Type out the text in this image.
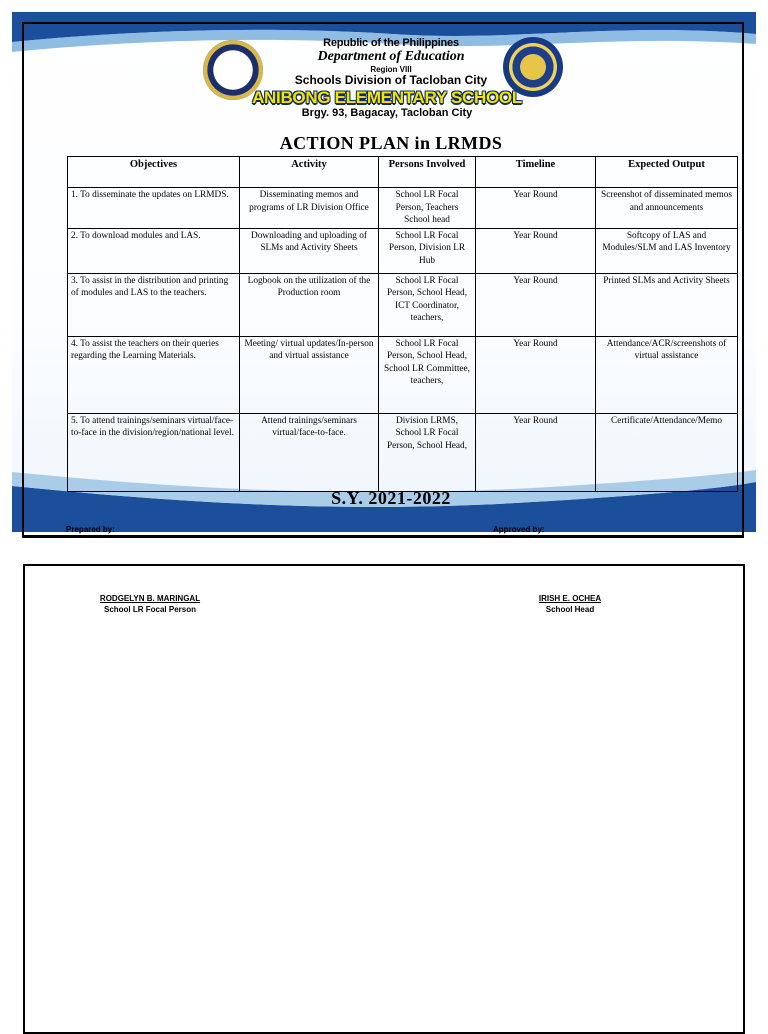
Republic of the Philippines
Department of Education
Region VIII
Schools Division of Tacloban City
ANIBONG ELEMENTARY SCHOOL
Brgy. 93, Bagacay, Tacloban City
ACTION PLAN in LRMDS
Objectives	Activity	Persons Involved	Timeline	Expected Output
1. To disseminate the updates on LRMDS.	Disseminating memos and programs of LR Division Office	School LR Focal Person, Teachers School head	Year Round	Screenshot of disseminated memos and announcements
2. To download modules and LAS.	Downloading and uploading of SLMs and Activity Sheets	School LR Focal Person, Division LR Hub	Year Round	Softcopy of LAS and Modules/SLM and LAS Inventory
3. To assist in the distribution and printing of modules and LAS to the teachers.	Logbook on the utilization of the Production room	School LR Focal Person, School Head, ICT Coordinator, teachers,	Year Round	Printed SLMs and Activity Sheets
4. To assist the teachers on their queries regarding the Learning Materials.	Meeting/ virtual updates/In-person and virtual assistance	School LR Focal Person, School Head, School LR Committee, teachers,	Year Round	Attendance/ACR/screenshots of virtual assistance
5. To attend trainings/seminars virtual/face-to-face in the division/region/national level.	Attend trainings/seminars virtual/face-to-face.	Division LRMS, School LR Focal Person, School Head,	Year Round	Certificate/Attendance/Memo
S.Y. 2021-2022
Prepared by:	Approved by:
RODGELYN B. MARINGAL
School LR Focal Person
IRISH E. OCHEA
School Head
